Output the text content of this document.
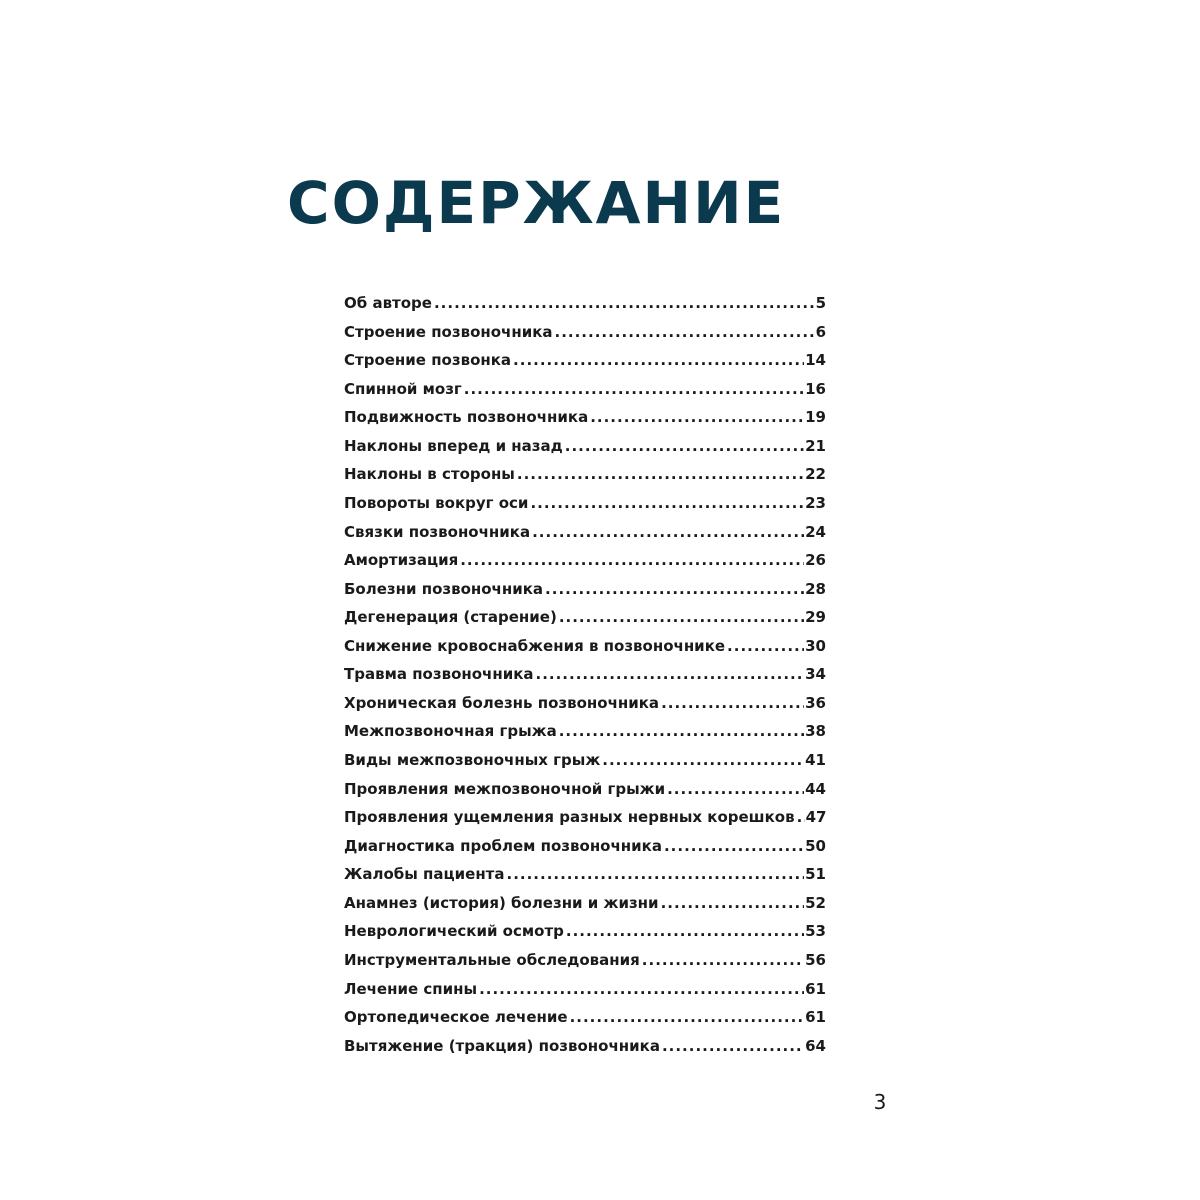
СОДЕРЖАНИЕ
Об авторе .....	5
Строение позвоночника .....	6
Строение позвонка .....	14
Спинной мозг .....	16
Подвижность позвоночника .....	19
Наклоны вперед и назад .....	21
Наклоны в стороны .....	22
Повороты вокруг оси .....	23
Связки позвоночника .....	24
Амортизация .....	26
Болезни позвоночника .....	28
Дегенерация (старение) .....	29
Снижение кровоснабжения в позвоночнике .....	30
Травма позвоночника .....	34
Хроническая болезнь позвоночника .....	36
Межпозвоночная грыжа .....	38
Виды межпозвоночных грыж .....	41
Проявления межпозвоночной грыжи .....	44
Проявления ущемления разных нервных корешков ..... 47
Диагностика проблем позвоночника .....	50
Жалобы пациента .....	51
Анамнез (история) болезни и жизни .....	52
Неврологический осмотр .....	53
Инструментальные обследования .....	56
Лечение спины .....	61
Ортопедическое лечение .....	61
Вытяжение (тракция) позвоночника .....	64
3
